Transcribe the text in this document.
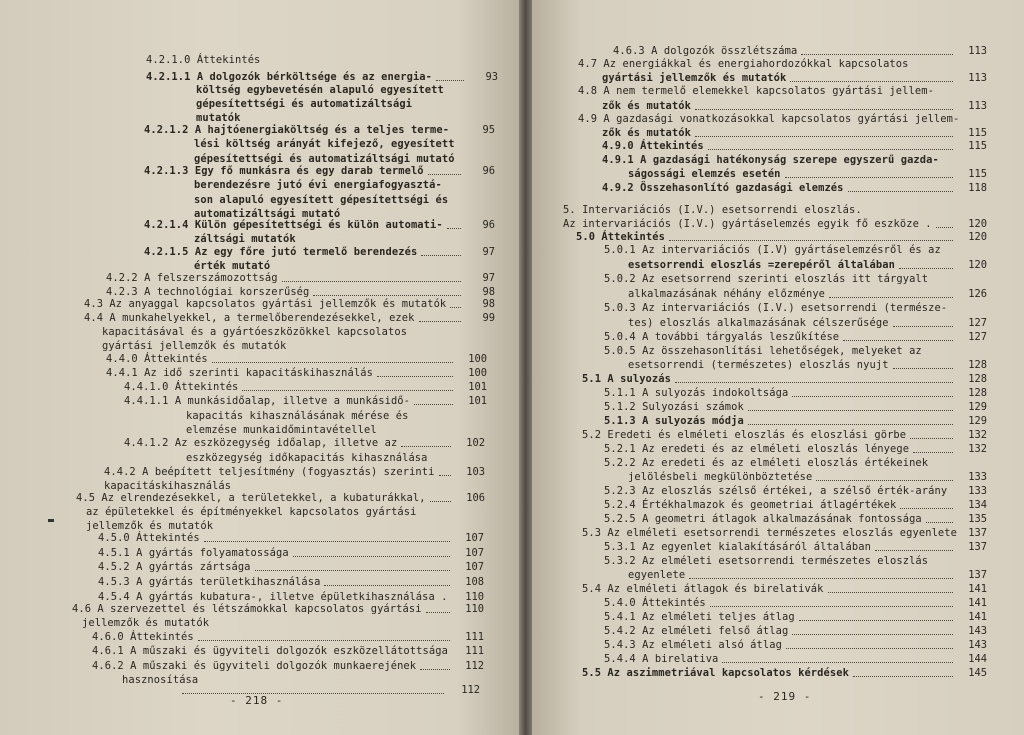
4.2.1.0 Áttekintés
4.2.1.1 A dolgozók bérköltsége és az energia-	93
költség egybevetésén alapuló egyesített
gépesítettségi és automatizáltsági
mutatók
4.2.1.2 A hajtóenergiaköltség és a teljes terme-	95
lési költség arányát kifejező, egyesített
gépesítettségi és automatizáltsági mutató
4.2.1.3 Egy fő munkásra és egy darab termelő	96
berendezésre jutó évi energiafogyasztá-
son alapuló egyesített gépesítettségi és
automatizáltsági mutató
4.2.1.4 Külön gépesítettségi és külön automati-	96
záltsági mutatók
4.2.1.5 Az egy főre jutó termelő berendezés	97
érték mutató
4.2.2 A felszerszámozottság	97
4.2.3 A technológiai korszerűség	98
4.3 Az anyaggal kapcsolatos gyártási jellemzők és mutatók	98
4.4 A munkahelyekkel, a termelőberendezésekkel, ezek	99
kapacitásával és a gyártóeszközökkel kapcsolatos
gyártási jellemzők és mutatók
4.4.0 Áttekintés	100
4.4.1 Az idő szerinti kapacitáskihasználás	100
4.4.1.0 Áttekintés	101
4.4.1.1 A munkásidőalap, illetve a munkásidő-	101
kapacitás kihasználásának mérése és
elemzése munkaidőmintavétellel
4.4.1.2 Az eszközegység időalap, illetve az	102
eszközegység időkapacitás kihasználása
4.4.2 A beépített teljesítmény (fogyasztás) szerinti	103
kapacitáskihasználás
4.5 Az elrendezésekkel, a területekkel, a kubaturákkal,	106
az épületekkel és építményekkel kapcsolatos gyártási
jellemzők és mutatók
4.5.0 Áttekintés	107
4.5.1 A gyártás folyamatossága	107
4.5.2 A gyártás zártsága	107
4.5.3 A gyártás területkihasználása	108
4.5.4 A gyártás kubatura-, illetve épületkihasználása .	110
4.6 A szervezettel és létszámokkal kapcsolatos gyártási	110
jellemzők és mutatók
4.6.0 Áttekintés	111
4.6.1 A műszaki és ügyviteli dolgozók eszközellátottsága	111
4.6.2 A műszaki és ügyviteli dolgozók munkaerejének	112
hasznosítása
112
- 218 -
4.6.3 A dolgozók összlétszáma	113
4.7 Az energiákkal és energiahordozókkal kapcsolatos
gyártási jellemzők és mutatók	113
4.8 A nem termelő elemekkel kapcsolatos gyártási jellem-
zők és mutatók	113
4.9 A gazdasági vonatkozásokkal kapcsolatos gyártási jellem-
zők és mutatók	115
4.9.0 Áttekintés	115
4.9.1 A gazdasági hatékonyság szerepe egyszerű gazda-
ságossági elemzés esetén	115
4.9.2 Összehasonlító gazdasági elemzés	118
5. Intervariációs (I.V.) esetsorrendi eloszlás.
Az intervariációs (I.V.) gyártáselemzés egyik fő eszköze .	120
5.0 Áttekintés	120
5.0.1 Az intervariációs (I.V) gyártáselemzésről és az
esetsorrendi eloszlás =zerepéről általában	120
5.0.2 Az esetsorrend szerinti eloszlás itt tárgyalt
alkalmazásának néhány előzménye	126
5.0.3 Az intervariációs (I.V.) esetsorrendi (természe-
tes) eloszlás alkalmazásának célszerűsége	127
5.0.4 A további tárgyalás leszűkítése	127
5.0.5 Az összehasonlítási lehetőségek, melyeket az
esetsorrendi (természetes) eloszlás nyujt	128
5.1 A sulyozás	128
5.1.1 A sulyozás indokoltsága	128
5.1.2 Sulyozási számok	129
5.1.3 A sulyozás módja	129
5.2 Eredeti és elméleti eloszlás és eloszlási görbe	132
5.2.1 Az eredeti és az elméleti eloszlás lényege	132
5.2.2 Az eredeti és az elméleti eloszlás értékeinek
jelölésbeli megkülönböztetése	133
5.2.3 Az eloszlás szélső értékei, a szélső érték-arány	133
5.2.4 Értékhalmazok és geometriai átlagértékek	134
5.2.5 A geometri átlagok alkalmazásának fontossága	135
5.3 Az elméleti esetsorrendi természetes eloszlás egyenlete	137
5.3.1 Az egyenlet kialakításáról általában	137
5.3.2 Az elméleti esetsorrendi természetes eloszlás
egyenlete	137
5.4 Az elméleti átlagok és birelativák	141
5.4.0 Áttekintés	141
5.4.1 Az elméleti teljes átlag	141
5.4.2 Az elméleti felső átlag	143
5.4.3 Az elméleti alsó átlag	143
5.4.4 A birelativa	144
5.5 Az aszimmetriával kapcsolatos kérdések	145
- 219 -
